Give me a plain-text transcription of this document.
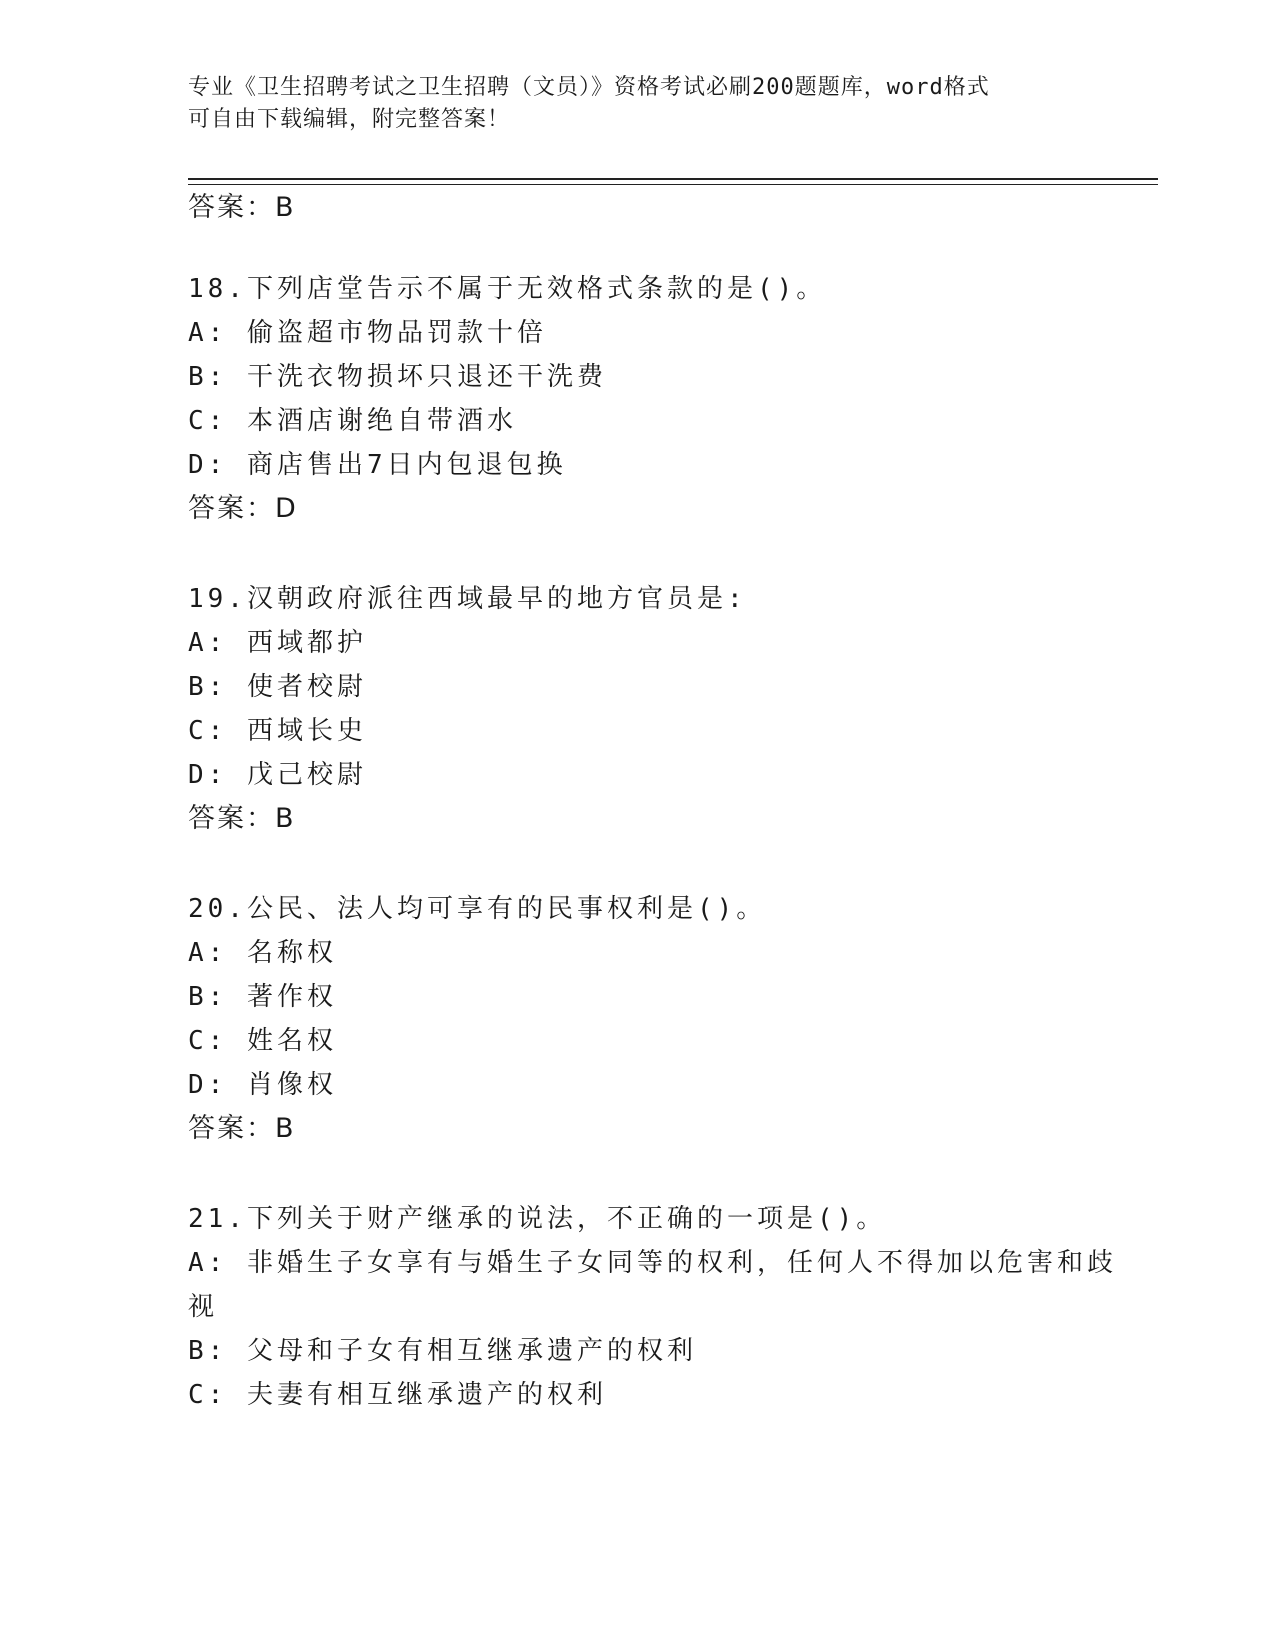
专业《卫生招聘考试之卫生招聘（文员）》资格考试必刷200题题库，word格式
可自由下载编辑，附完整答案！
答案：B
18.下列店堂告示不属于无效格式条款的是()。
A: 偷盗超市物品罚款十倍
B: 干洗衣物损坏只退还干洗费
C: 本酒店谢绝自带酒水
D: 商店售出7日内包退包换
答案：D
19.汉朝政府派往西域最早的地方官员是:
A: 西域都护
B: 使者校尉
C: 西域长史
D: 戊己校尉
答案：B
20.公民、法人均可享有的民事权利是()。
A: 名称权
B: 著作权
C: 姓名权
D: 肖像权
答案：B
21.下列关于财产继承的说法，不正确的一项是()。
A: 非婚生子女享有与婚生子女同等的权利，任何人不得加以危害和歧
视
B: 父母和子女有相互继承遗产的权利
C: 夫妻有相互继承遗产的权利
